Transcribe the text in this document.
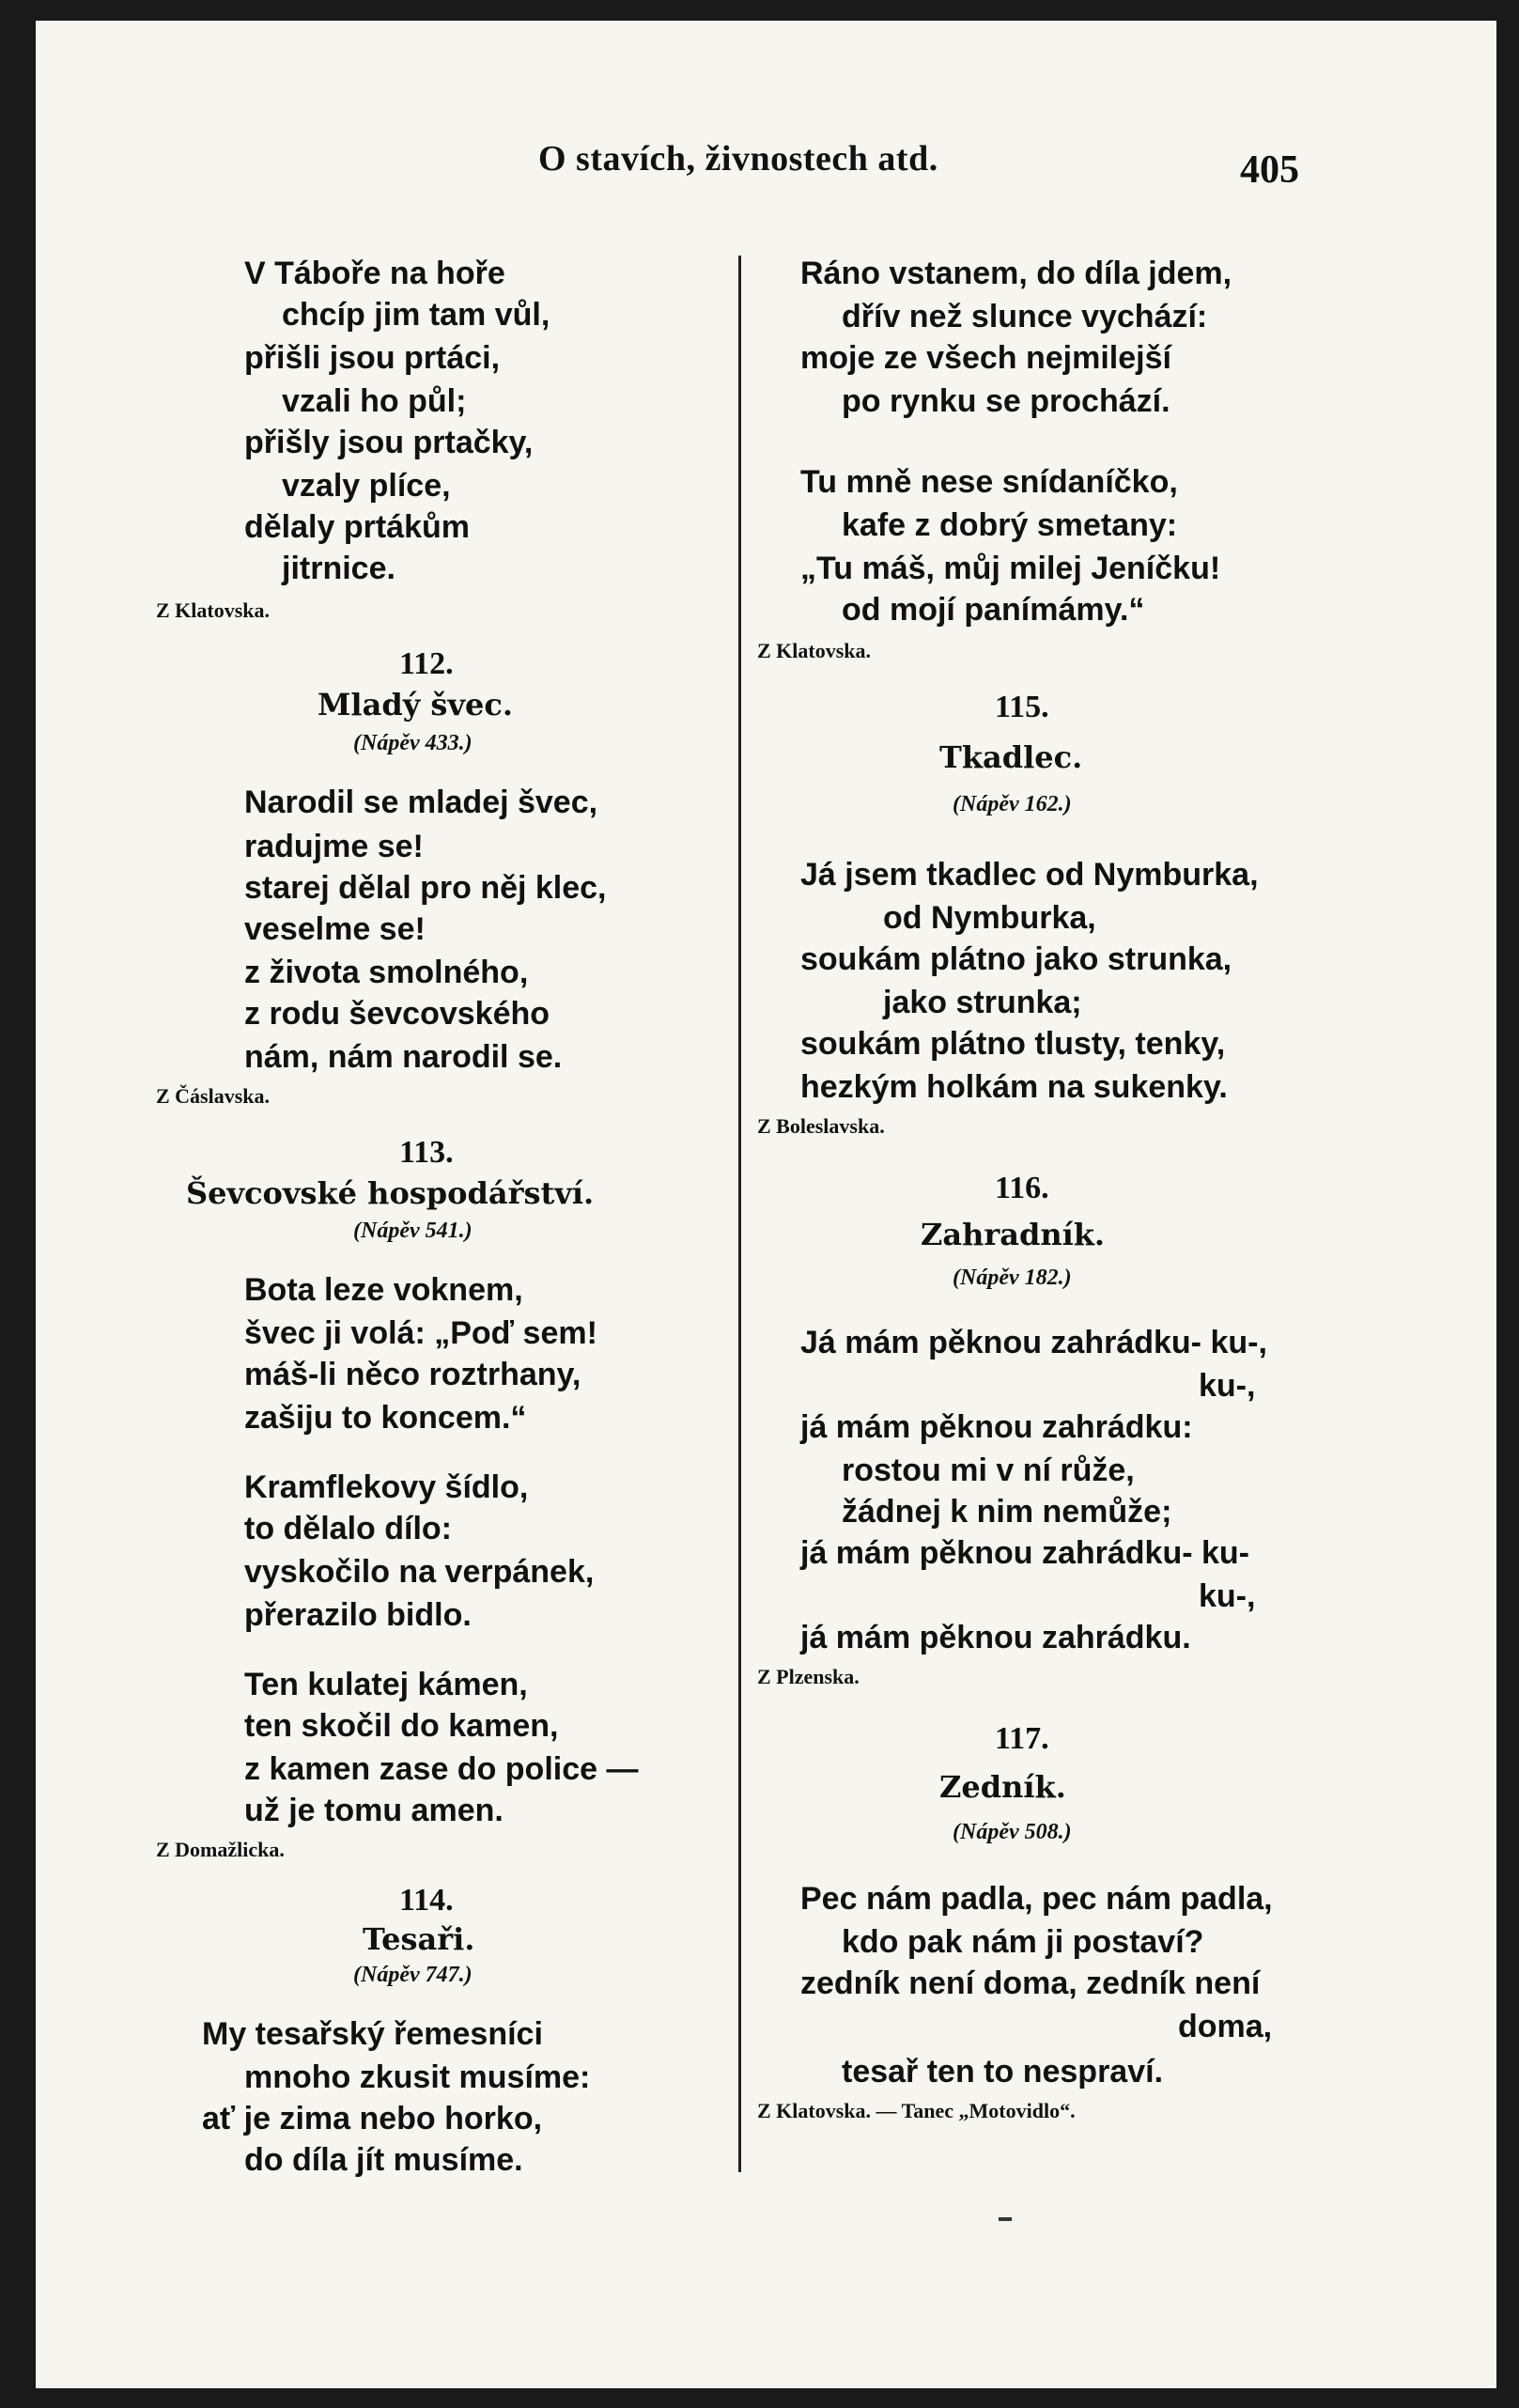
O stavích, živnostech atd.	405
V Táboře na hoře
chcíp jim tam vůl,
přišli jsou prtáci,
vzali ho půl;
přišly jsou prtačky,
vzaly plíce,
dělaly prtákům
jitrnice.
Z Klatovska.
112.
Mladý švec.
(Nápěv 433.)
Narodil se mladej švec,
radujme se!
starej dělal pro něj klec,
veselme se!
z života smolného,
z rodu ševcovského
nám, nám narodil se.
Z Čáslavska.
113.
Ševcovské hospodářství.
(Nápěv 541.)
Bota leze voknem,
švec ji volá: „Poď sem!
máš-li něco roztrhany,
zašiju to koncem.“
Kramflekovy šídlo,
to dělalo dílo:
vyskočilo na verpánek,
přerazilo bidlo.
Ten kulatej kámen,
ten skočil do kamen,
z kamen zase do police —
už je tomu amen.
Z Domažlicka.
114.
Tesaři.
(Nápěv 747.)
My tesařský řemesníci
mnoho zkusit musíme:
ať je zima nebo horko,
do díla jít musíme.
Ráno vstanem, do díla jdem,
dřív než slunce vychází:
moje ze všech nejmilejší
po rynku se prochází.
Tu mně nese snídaníčko,
kafe z dobrý smetany:
„Tu máš, můj milej Jeníčku!
od mojí panímámy.“
Z Klatovska.
115.
Tkadlec.
(Nápěv 162.)
Já jsem tkadlec od Nymburka,
od Nymburka,
soukám plátno jako strunka,
jako strunka;
soukám plátno tlusty, tenky,
hezkým holkám na sukenky.
Z Boleslavska.
116.
Zahradník.
(Nápěv 182.)
Já mám pěknou zahrádku- ku-,
ku-,
já mám pěknou zahrádku:
rostou mi v ní růže,
žádnej k nim nemůže;
já mám pěknou zahrádku- ku-
ku-,
já mám pěknou zahrádku.
Z Plzenska.
117.
Zedník.
(Nápěv 508.)
Pec nám padla, pec nám padla,
kdo pak nám ji postaví?
zedník není doma, zedník není
doma,
tesař ten to nespraví.
Z Klatovska. — Tanec „Motovidlo“.
